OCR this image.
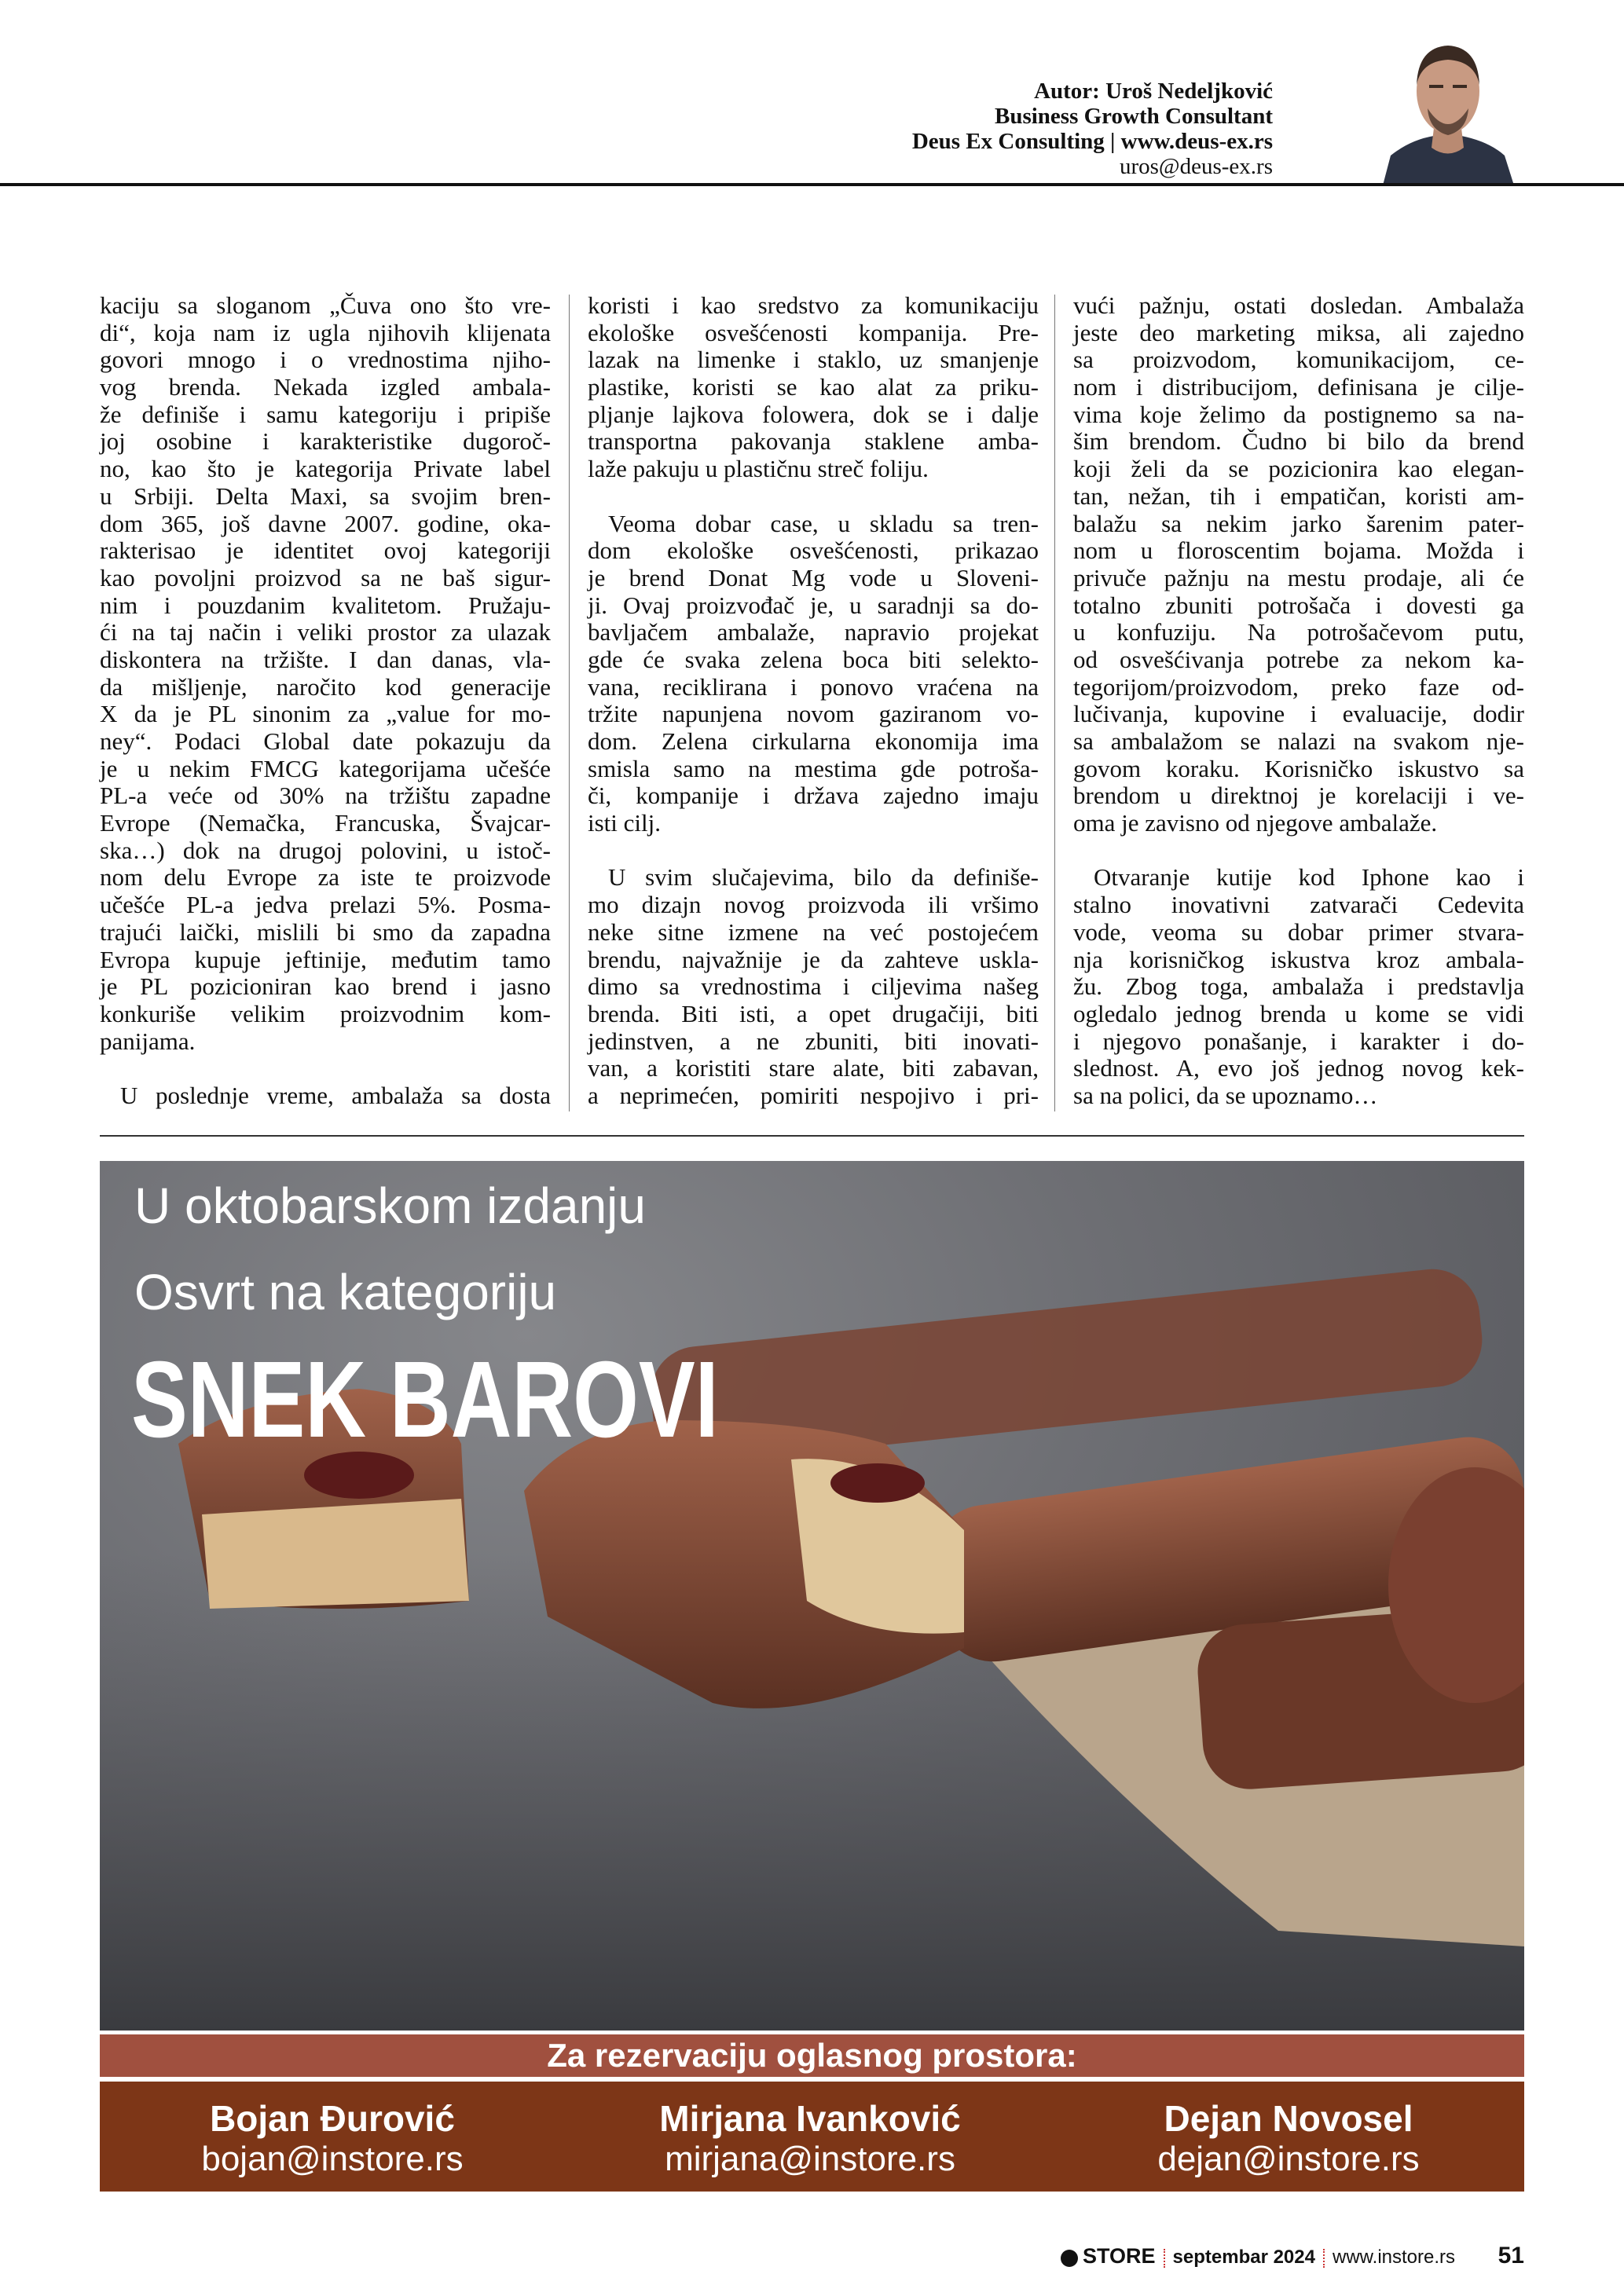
Autor: Uroš Nedeljković
Business Growth Consultant
Deus Ex Consulting | www.deus-ex.rs
uros@deus-ex.rs
kaciju sa sloganom „Čuva ono što vre-
di“, koja nam iz ugla njihovih klijenata
govori mnogo i o vrednostima njiho-
vog brenda. Nekada izgled ambala-
že definiše i samu kategoriju i pripiše
joj osobine i karakteristike dugoroč-
no, kao što je kategorija Private label
u Srbiji. Delta Maxi, sa svojim bren-
dom 365, još davne 2007. godine, oka-
rakterisao je identitet ovoj kategoriji
kao povoljni proizvod sa ne baš sigur-
nim i pouzdanim kvalitetom. Pružaju-
ći na taj način i veliki prostor za ulazak
diskontera na tržište. I dan danas, vla-
da mišljenje, naročito kod generacije
X da je PL sinonim za „value for mo-
ney“. Podaci Global date pokazuju da
je u nekim FMCG kategorijama učešće
PL-a veće od 30% na tržištu zapadne
Evrope (Nemačka, Francuska, Švajcar-
ska…) dok na drugoj polovini, u istoč-
nom delu Evrope za iste te proizvode
učešće PL-a jedva prelazi 5%. Posma-
trajući laički, mislili bi smo da zapadna
Evropa kupuje jeftinije, međutim tamo
je PL pozicioniran kao brend i jasno
konkuriše velikim proizvodnim kom-
panijama.
U poslednje vreme, ambalaža sa dosta
koristi i kao sredstvo za komunikaciju
ekološke osvešćenosti kompanija. Pre-
lazak na limenke i staklo, uz smanjenje
plastike, koristi se kao alat za priku-
pljanje lajkova folowera, dok se i dalje
transportna pakovanja staklene amba-
laže pakuju u plastičnu streč foliju.
Veoma dobar case, u skladu sa tren-
dom ekološke osvešćenosti, prikazao
je brend Donat Mg vode u Sloveni-
ji. Ovaj proizvođač je, u saradnji sa do-
bavljačem ambalaže, napravio projekat
gde će svaka zelena boca biti selekto-
vana, reciklirana i ponovo vraćena na
tržite napunjena novom gaziranom vo-
dom. Zelena cirkularna ekonomija ima
smisla samo na mestima gde potroša-
či, kompanije i država zajedno imaju
isti cilj.
U svim slučajevima, bilo da definiše-
mo dizajn novog proizvoda ili vršimo
neke sitne izmene na već postojećem
brendu, najvažnije je da zahteve uskla-
dimo sa vrednostima i ciljevima našeg
brenda. Biti isti, a opet drugačiji, biti
jedinstven, a ne zbuniti, biti inovati-
van, a koristiti stare alate, biti zabavan,
a neprimećen, pomiriti nespojivo i pri-
vući pažnju, ostati dosledan. Ambalaža
jeste deo marketing miksa, ali zajedno
sa proizvodom, komunikacijom, ce-
nom i distribucijom, definisana je cilje-
vima koje želimo da postignemo sa na-
šim brendom. Čudno bi bilo da brend
koji želi da se pozicionira kao elegan-
tan, nežan, tih i empatičan, koristi am-
balažu sa nekim jarko šarenim pater-
nom u floroscentim bojama. Možda i
privuče pažnju na mestu prodaje, ali će
totalno zbuniti potrošača i dovesti ga
u konfuziju. Na potrošačevom putu,
od osvešćivanja potrebe za nekom ka-
tegorijom/proizvodom, preko faze od-
lučivanja, kupovine i evaluacije, dodir
sa ambalažom se nalazi na svakom nje-
govom koraku. Korisničko iskustvo sa
brendom u direktnoj je korelaciji i ve-
oma je zavisno od njegove ambalaže.
Otvaranje kutije kod Iphone kao i
stalno inovativni zatvarači Cedevita
vode, veoma su dobar primer stvara-
nja korisničkog iskustva kroz ambala-
žu. Zbog toga, ambalaža i predstavlja
ogledalo jednog brenda u kome se vidi
i njegovo ponašanje, i karakter i do-
slednost. A, evo još jednog novog kek-
sa na polici, da se upoznamo…
U oktobarskom izdanju
Osvrt na kategoriju
SNEK BAROVI
Za rezervaciju oglasnog prostora:
Bojan Đurović
bojan@instore.rs
Mirjana Ivanković
mirjana@instore.rs
Dejan Novosel
dejan@instore.rs
STORE septembar 2024 www.instore.rs 51
